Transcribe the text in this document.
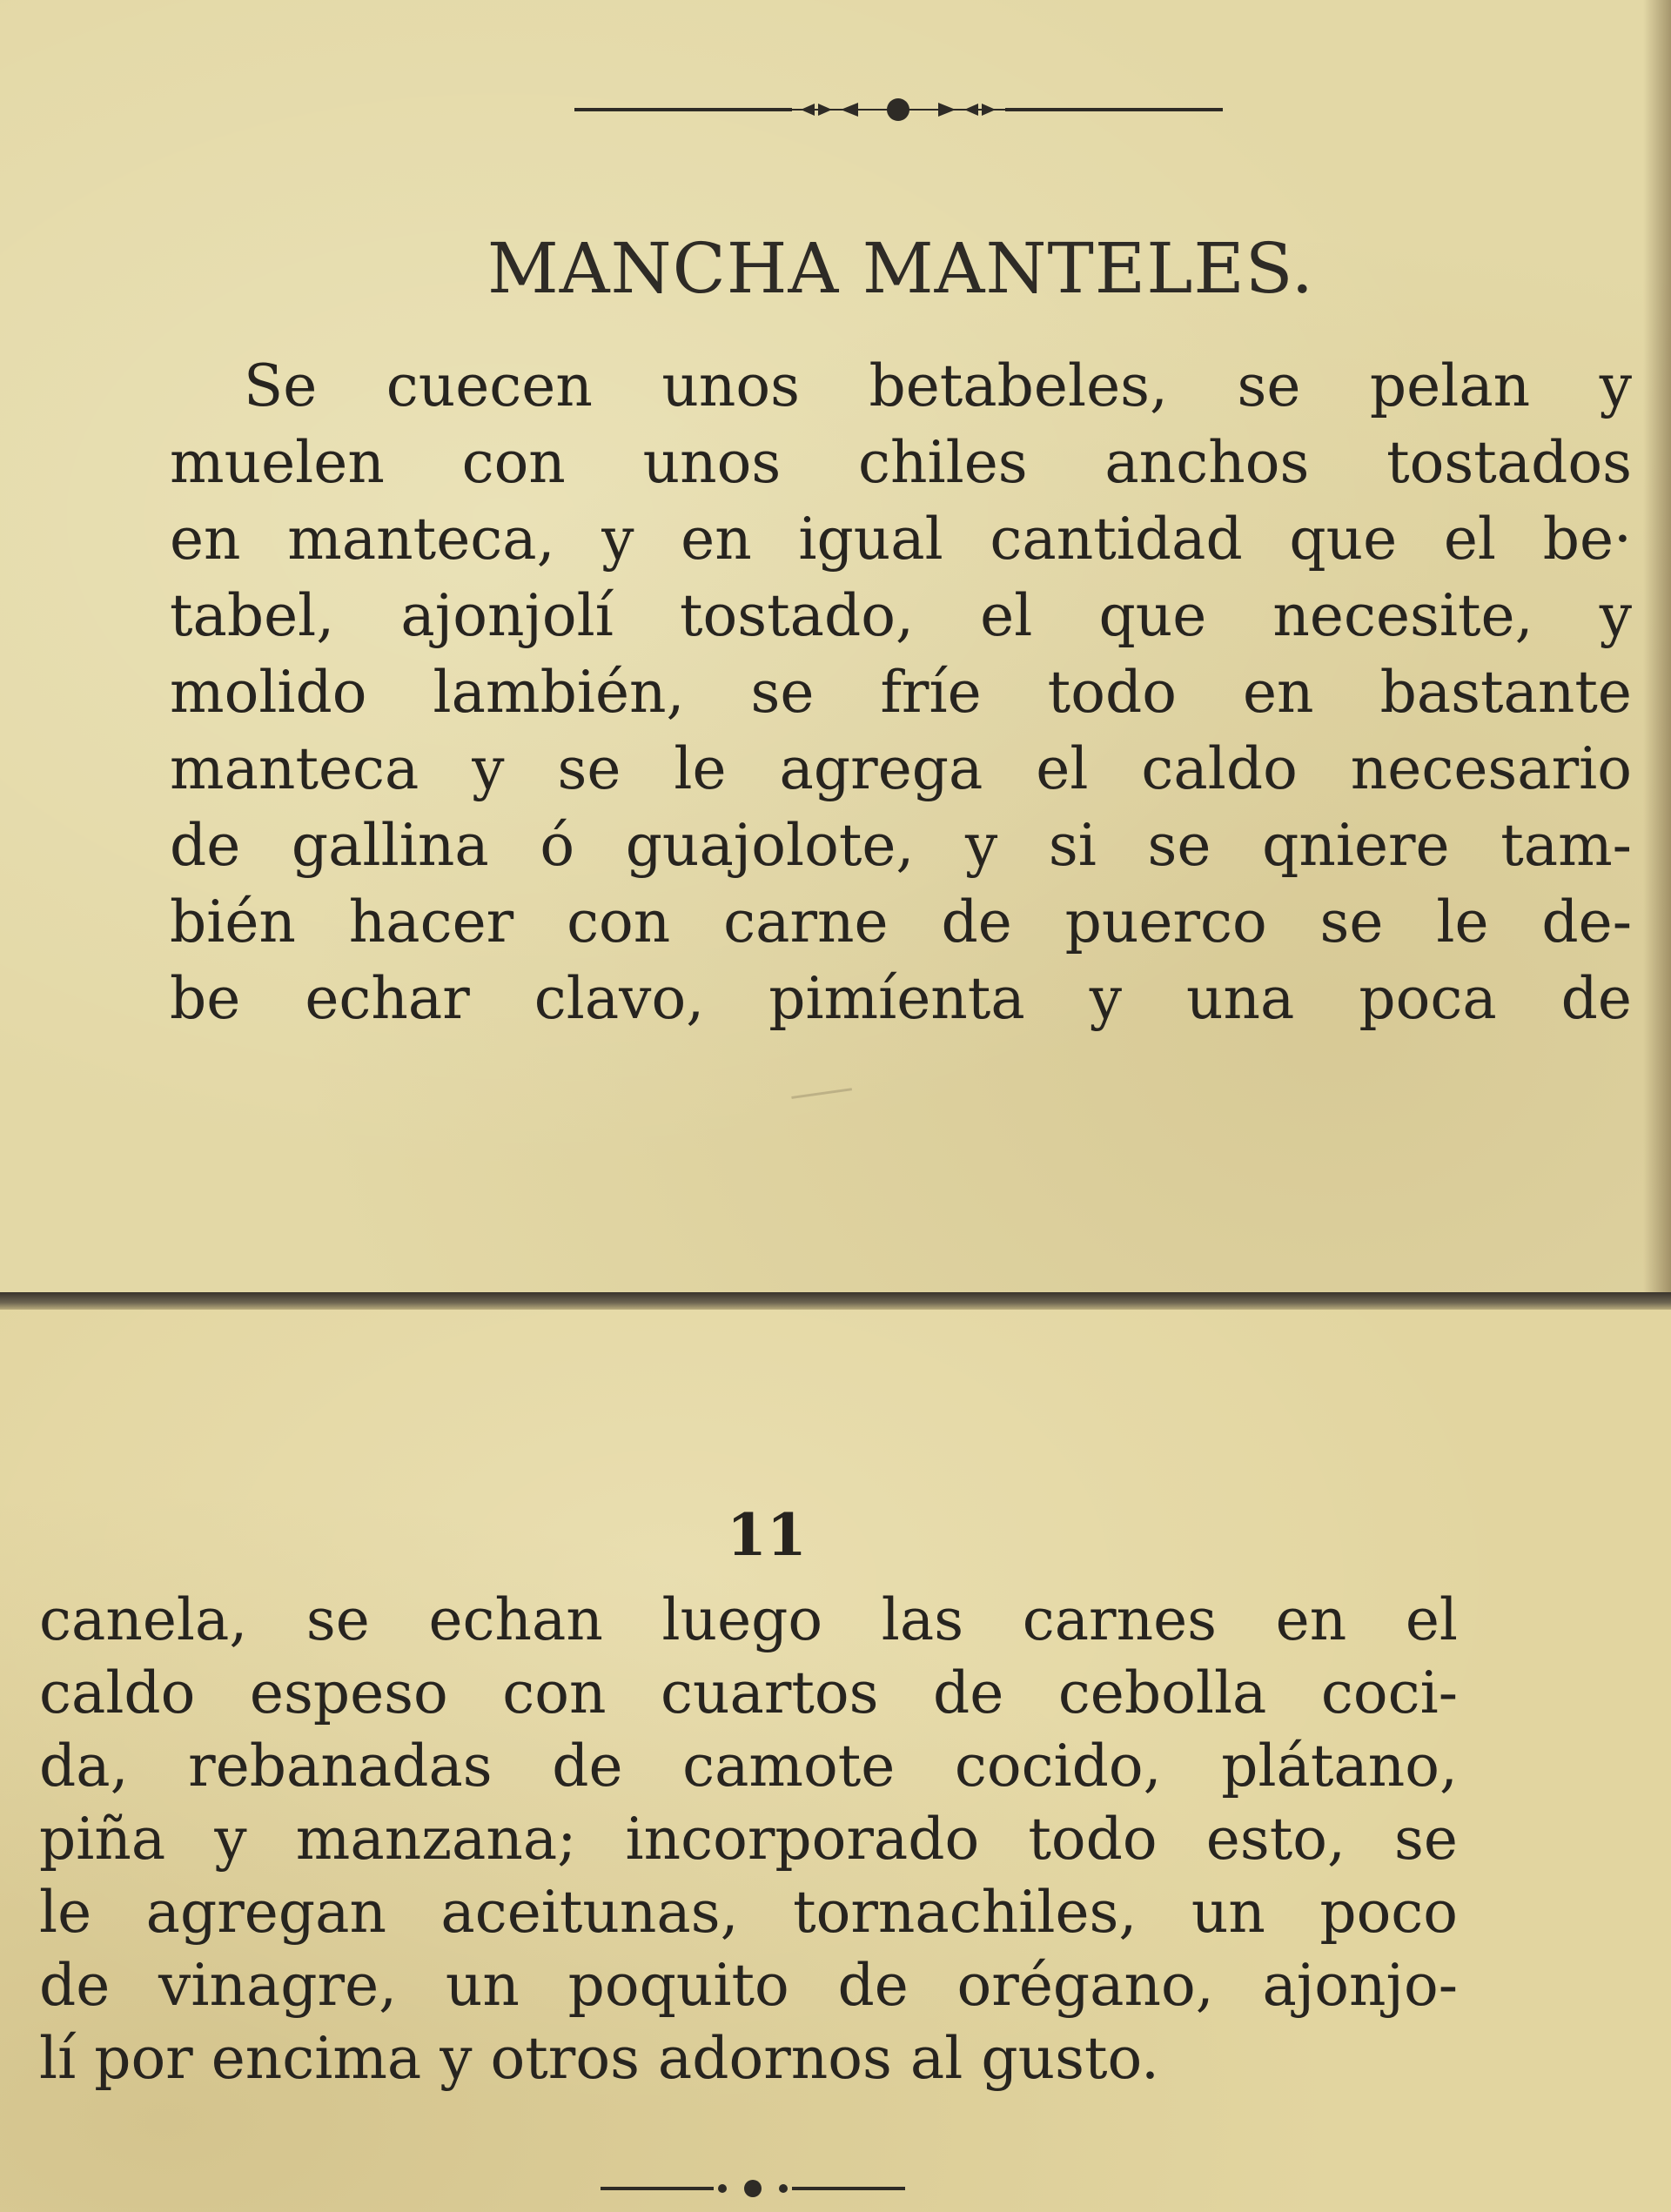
MANCHA MANTELES.
Se cuecen unos betabeles, se pelan y
muelen con unos chiles anchos tostados
en manteca, y en igual cantidad que el be·
tabel, ajonjolí tostado, el que necesite, y
molido lambién, se fríe todo en bastante
manteca y se le agrega el caldo necesario
de gallina ó guajolote, y si se qniere tam-
bién hacer con carne de puerco se le de-
be echar clavo, pimíenta y una poca de
11
canela, se echan luego las carnes en el
caldo espeso con cuartos de cebolla coci-
da, rebanadas de camote cocido, plátano,
piña y manzana; incorporado todo esto, se
le agregan aceitunas, tornachiles, un poco
de vinagre, un poquito de orégano, ajonjo-
lí por encima y otros adornos al gusto.
